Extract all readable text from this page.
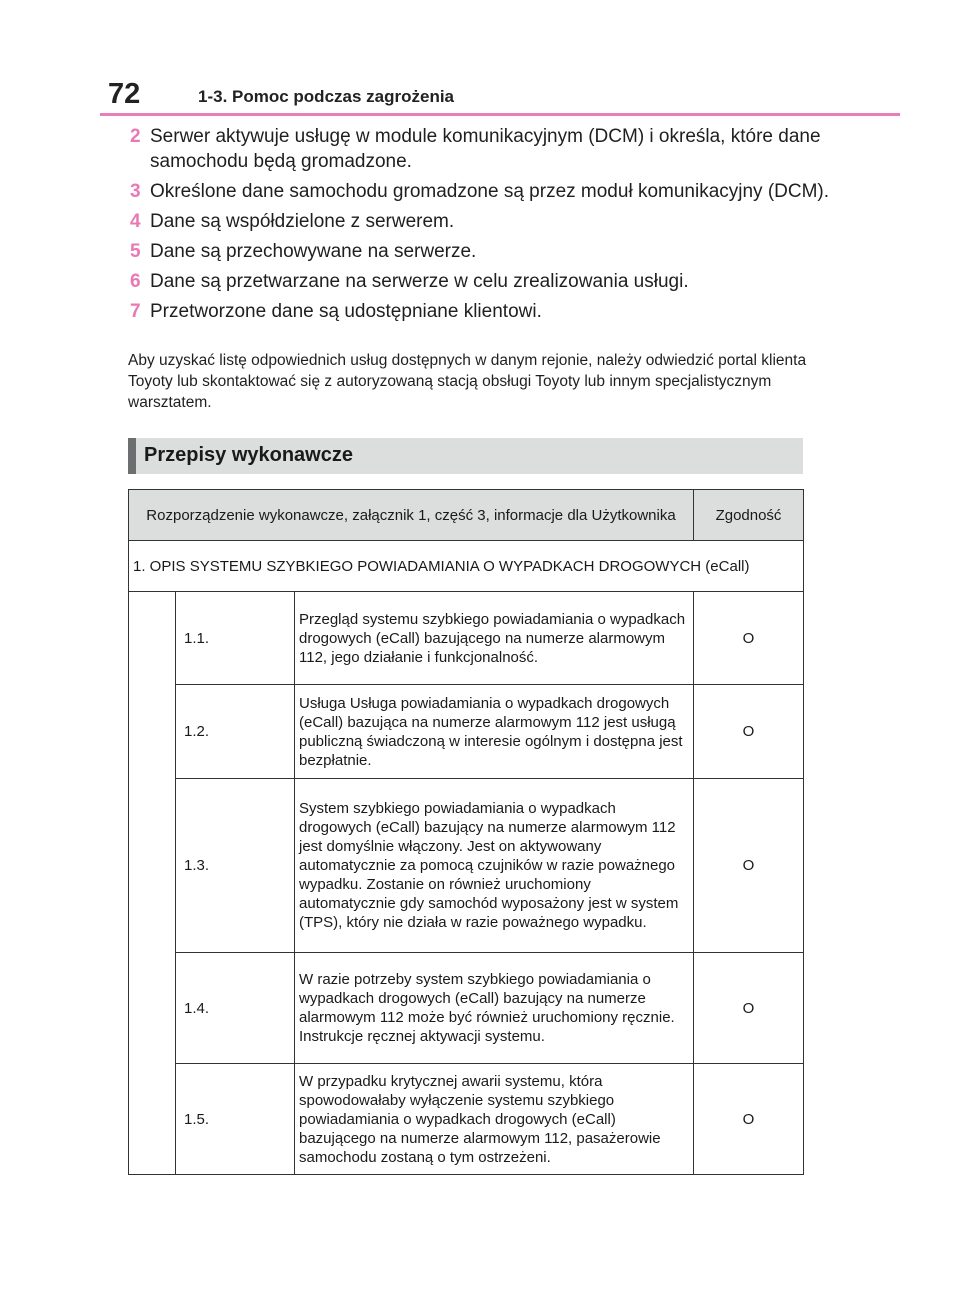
72	1-3. Pomoc podczas zagrożenia
2 Serwer aktywuje usługę w module komunikacyjnym (DCM) i określa, które dane samochodu będą gromadzone.
3 Określone dane samochodu gromadzone są przez moduł komunikacyjny (DCM).
4 Dane są współdzielone z serwerem.
5 Dane są przechowywane na serwerze.
6 Dane są przetwarzane na serwerze w celu zrealizowania usługi.
7 Przetworzone dane są udostępniane klientowi.
Aby uzyskać listę odpowiednich usług dostępnych w danym rejonie, należy odwiedzić portal klienta Toyoty lub skontaktować się z autoryzowaną stacją obsługi Toyoty lub innym specjalistycznym warsztatem.
Przepisy wykonawcze
Rozporządzenie wykonawcze, załącznik 1, część 3, informacje dla Użytkownika			Zgodność
1. OPIS SYSTEMU SZYBKIEGO POWIADAMIANIA O WYPADKACH DROGOWYCH (eCall)			
	1.1.	Przegląd systemu szybkiego powiadamiania o wypadkach drogowych (eCall) bazującego na numerze alarmowym 112, jego działanie i funkcjonalność.	O
	1.2.	Usługa Usługa powiadamiania o wypadkach drogowych (eCall) bazująca na numerze alarmowym 112 jest usługą publiczną świadczoną w interesie ogólnym i dostępna jest bezpłatnie.	O
	1.3.	System szybkiego powiadamiania o wypadkach drogowych (eCall) bazujący na numerze alarmowym 112 jest domyślnie włączony. Jest on aktywowany automatycznie za pomocą czujników w razie poważnego wypadku. Zostanie on również uruchomiony automatycznie gdy samochód wyposażony jest w system (TPS), który nie działa w razie poważnego wypadku.	O
	1.4.	W razie potrzeby system szybkiego powiadamiania o wypadkach drogowych (eCall) bazujący na numerze alarmowym 112 może być również uruchomiony ręcznie. Instrukcje ręcznej aktywacji systemu.	O
	1.5.	W przypadku krytycznej awarii systemu, która spowodowałaby wyłączenie systemu szybkiego powiadamiania o wypadkach drogowych (eCall) bazującego na numerze alarmowym 112, pasażerowie samochodu zostaną o tym ostrzeżeni.	O
